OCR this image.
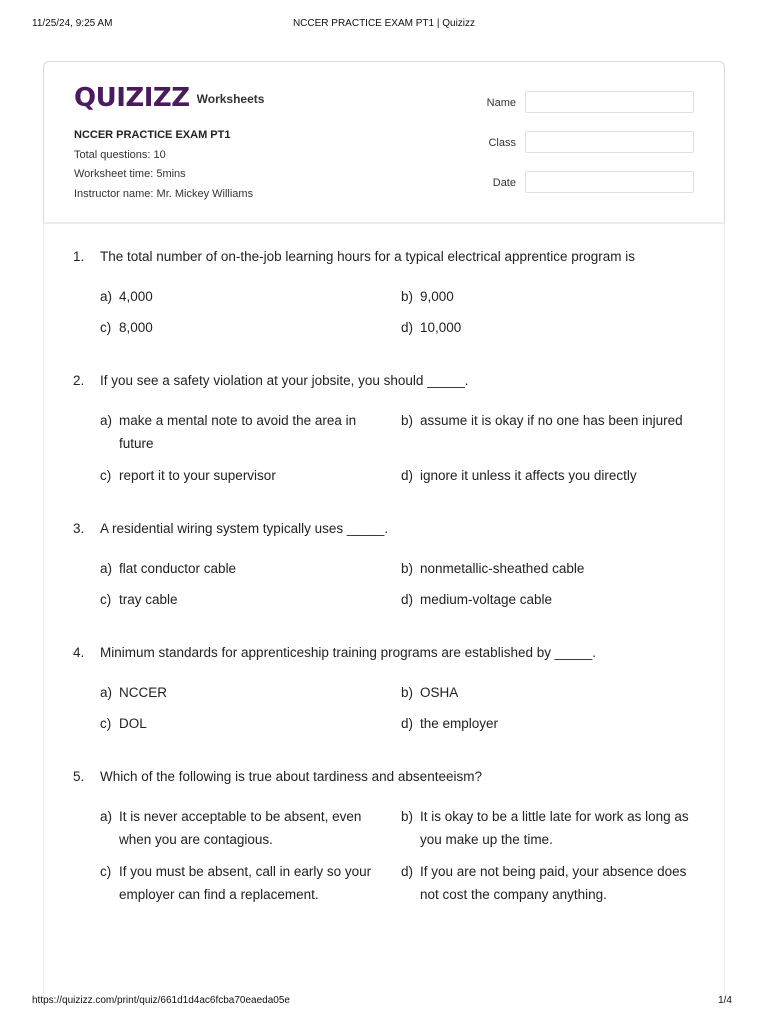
11/25/24, 9:25 AM	NCCER PRACTICE EXAM PT1 | Quizizz
QUIZIZZ Worksheets
NCCER PRACTICE EXAM PT1
Total questions: 10
Worksheet time: 5mins
Instructor name: Mr. Mickey Williams
Name
Class
Date
1. The total number of on-the-job learning hours for a typical electrical apprentice program is
a) 4,000	b) 9,000
c) 8,000	d) 10,000
2. If you see a safety violation at your jobsite, you should _____.
a) make a mental note to avoid the area in future
b) assume it is okay if no one has been injured
c) report it to your supervisor	d) ignore it unless it affects you directly
3. A residential wiring system typically uses _____.
a) flat conductor cable	b) nonmetallic-sheathed cable
c) tray cable	d) medium-voltage cable
4. Minimum standards for apprenticeship training programs are established by _____.
a) NCCER	b) OSHA
c) DOL	d) the employer
5. Which of the following is true about tardiness and absenteeism?
a) It is never acceptable to be absent, even when you are contagious.
b) It is okay to be a little late for work as long as you make up the time.
c) If you must be absent, call in early so your employer can find a replacement.
d) If you are not being paid, your absence does not cost the company anything.
https://quizizz.com/print/quiz/661d1d4ac6fcba70eaeda05e	1/4
